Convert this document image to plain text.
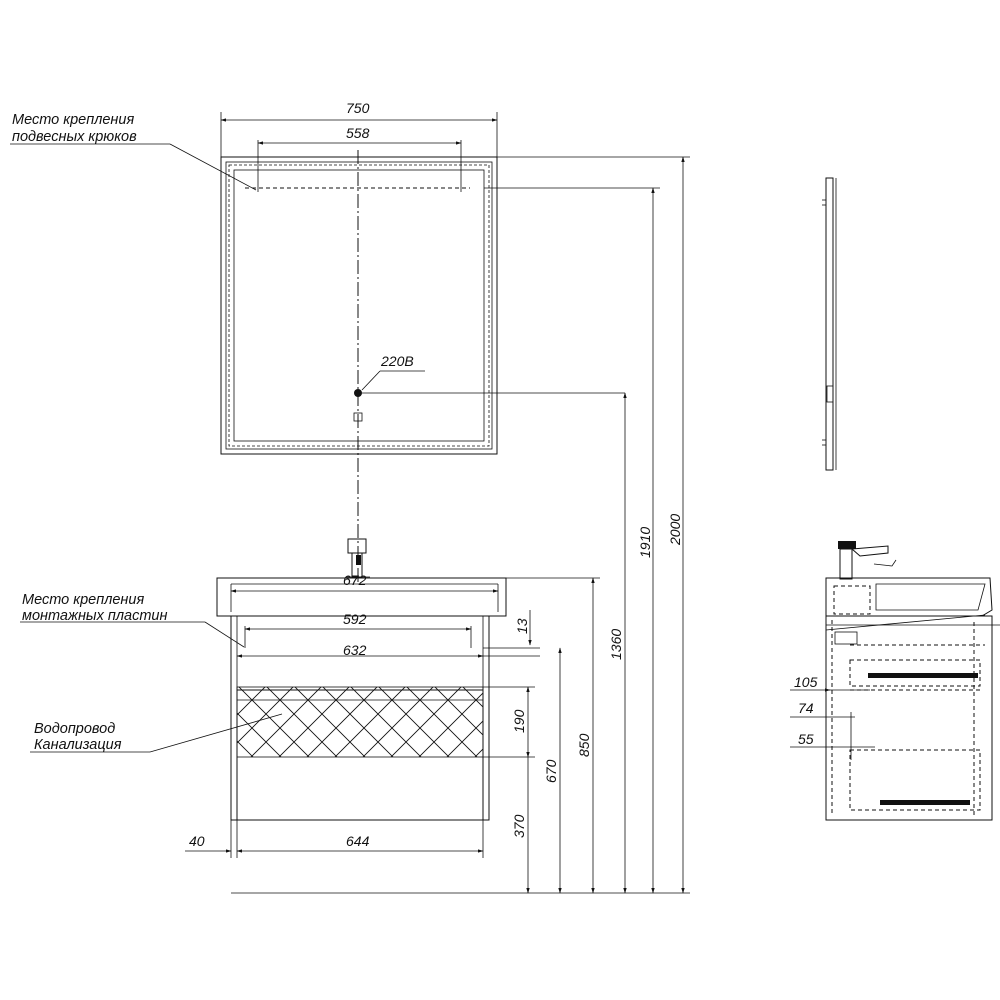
750
558
220В
Место крепления
подвесных крюков
672
592
632
Место крепления
монтажных пластин
Водопровод
Канализация
40	644
2000
1910
1360
850
670
13
190
370
105
74
55
